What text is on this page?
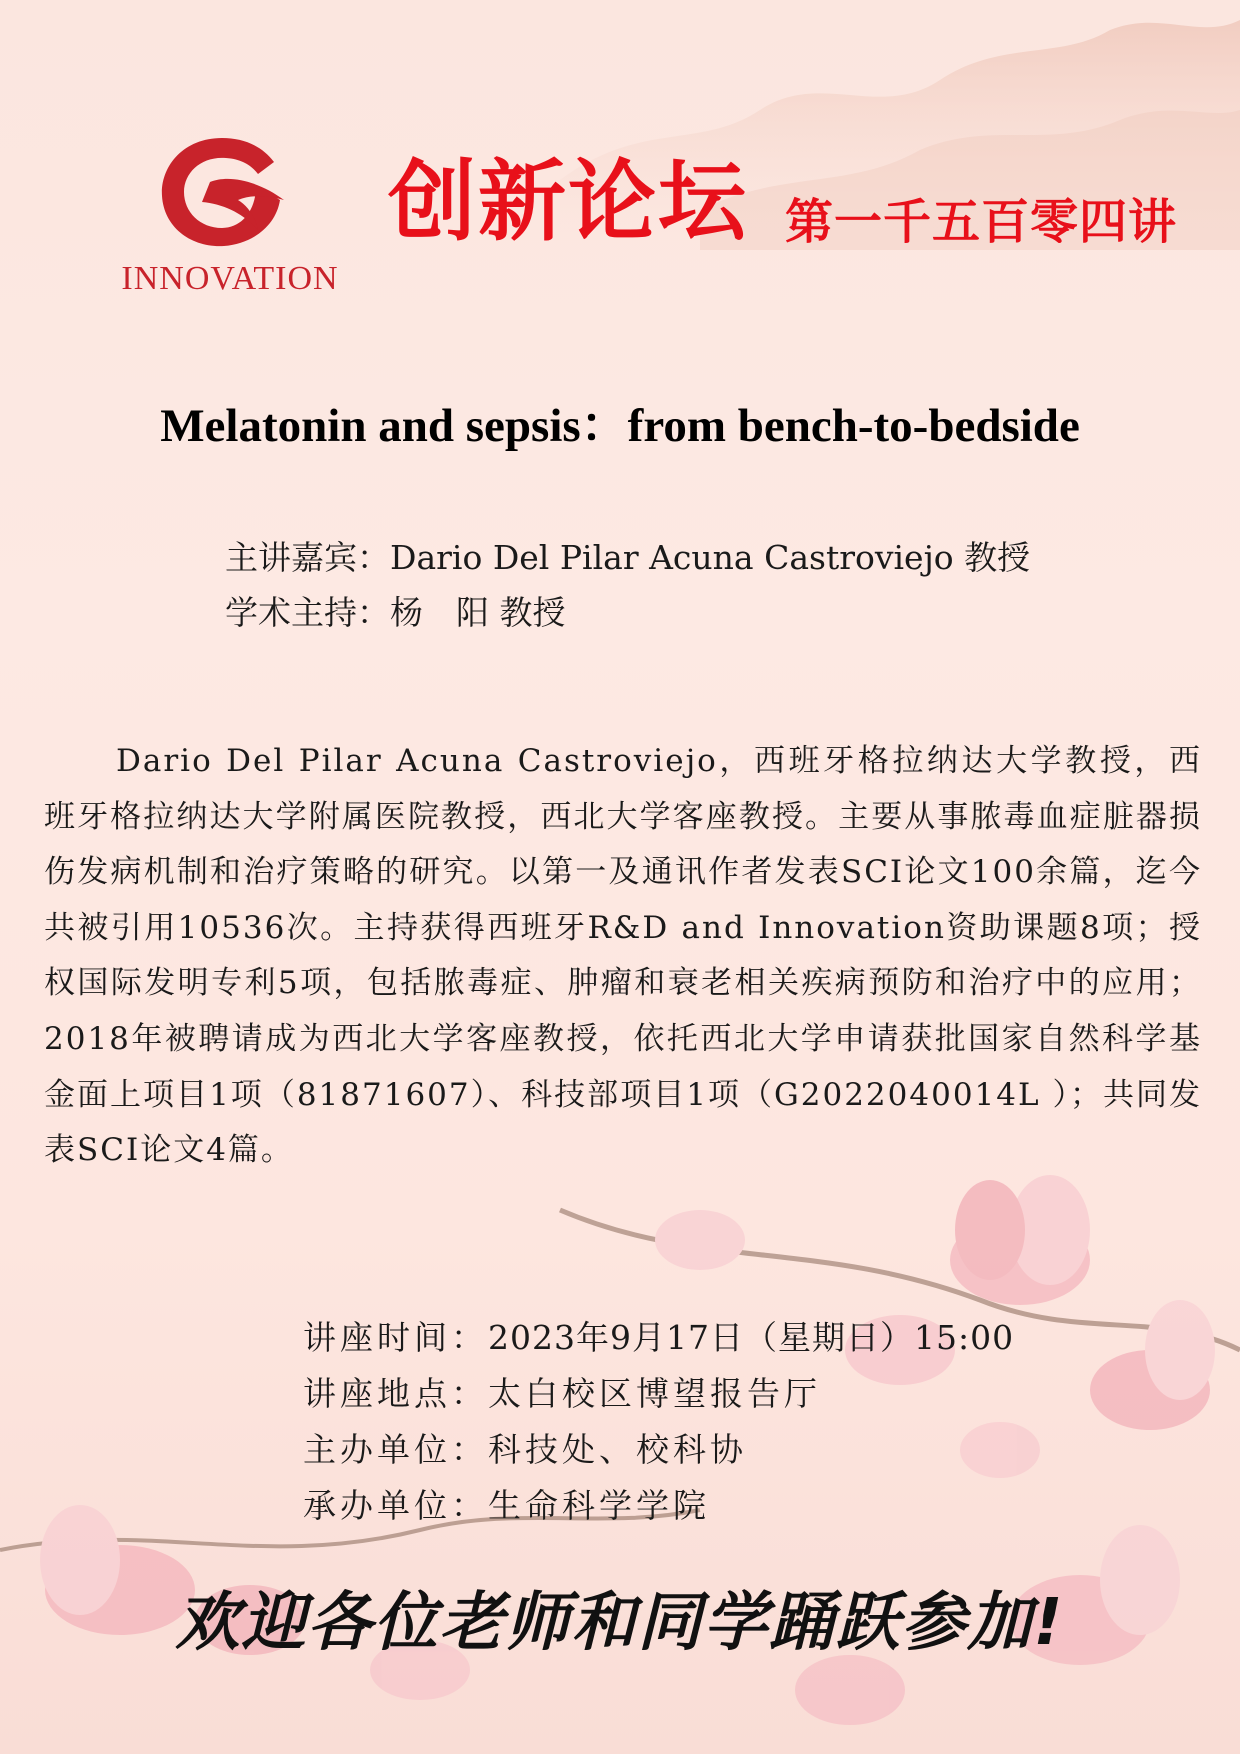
INNOVATION
创新论坛 第一千五百零四讲
Melatonin and sepsis：from bench-to-bedside
主讲嘉宾：Dario Del Pilar Acuna Castroviejo 教授
学术主持：杨　阳 教授
Dario Del Pilar Acuna Castroviejo，西班牙格拉纳达大学教授，西班牙格拉纳达大学附属医院教授，西北大学客座教授。主要从事脓毒血症脏器损伤发病机制和治疗策略的研究。以第一及通讯作者发表SCI论文100余篇，迄今共被引用10536次。主持获得西班牙R&D and Innovation资助课题8项；授权国际发明专利5项，包括脓毒症、肿瘤和衰老相关疾病预防和治疗中的应用；2018年被聘请成为西北大学客座教授，依托西北大学申请获批国家自然科学基金面上项目1项（81871607）、科技部项目1项（G2022040014L ）；共同发表SCI论文4篇。
讲座时间：2023年9月17日（星期日）15:00
讲座地点：太白校区博望报告厅
主办单位：科技处、校科协
承办单位：生命科学学院
欢迎各位老师和同学踊跃参加!
